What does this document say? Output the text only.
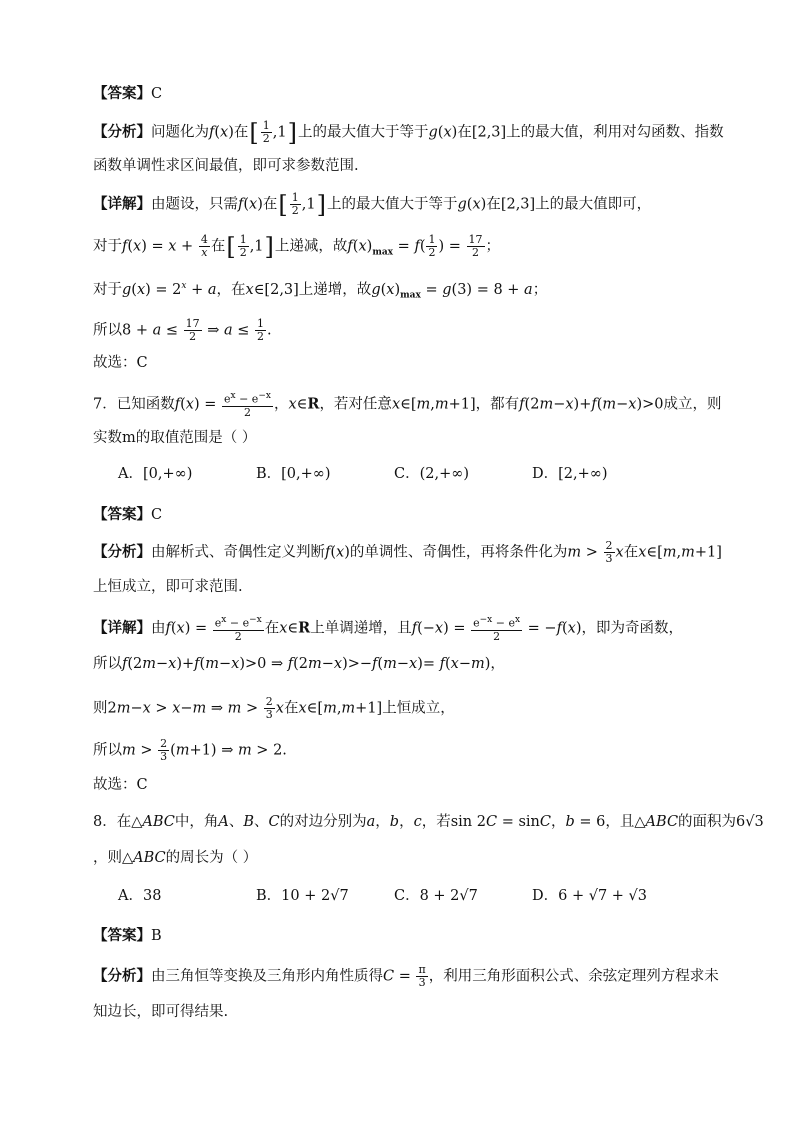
【答案】C
【分析】问题化为f(x)在[ $\frac{1}{2} ,1$]上的最大值大于等于g(x)在[2,3]上的最大值，利用对勾函数、指数
函数单调性求区间最值，即可求参数范围.
【详解】由题设，只需f(x)在[ $\frac{1}{2} ,1$]上的最大值大于等于g(x)在[2,3]上的最大值即可，
对于$f(x) = x + \frac{4}{x}$ 在[ $\frac{1}{2} ,1$]上递减，故$f(x)_{max} = f( \frac{1}{2}$ ) = $\frac{17}{2}$ ；
对于$g(x) = 2^x + a$，在x∈[2,3]上递增，故$g(x)_{max} = g(3) = 8 + a$；
所以$8 + a \le \frac{17}{2}$ ⇒ $a \le \frac{1}{2}$ .
故选：C
7．已知函数$f(x) = \frac{e^x - e^{-x}}{2}$ ，x∈R，若对任意x∈[m,m+1]，都有f(2m−x)+f(m−x)>0成立，则
实数m的取值范围是（ ）
A．[0,+∞)	B．[0,+∞)	C．(2,+∞)	D．[2,+∞)
【答案】C
【分析】由解析式、奇偶性定义判断f(x)的单调性、奇偶性，再将条件化为$m > \frac{2}{3}$ x在x∈[m,m+1]
上恒成立，即可求范围.
【详解】由$f(x) = \frac{e^x - e^{-x}}{2}$ 在x∈R上单调递增，且$f(-x) = \frac{e^{-x} - e^x}{2} = -f(x)$，即为奇函数，
所以f(2m−x)+f(m−x)>0 ⇒ f(2m−x)>−f(m−x)= f(x−m)，
则2m−x > x−m ⇒ $m > \frac{2}{3}$ x在x∈[m,m+1]上恒成立，
所以$m > \frac{2}{3} (m+1)$ ⇒ m > 2.
故选：C
8．在△ABC中，角A、B、C的对边分别为a，b，c，若sin 2C = sinC，b = 6，且△ABC的面积为6√3
，则△ABC的周长为（ ）
A．38	B．10 + 2√7	C．8 + 2√7	D．6 + √7 + √3
【答案】B
【分析】由三角恒等变换及三角形内角性质得$C = \frac{\pi}{3}$ ，利用三角形面积公式、余弦定理列方程求未
知边长，即可得结果.
